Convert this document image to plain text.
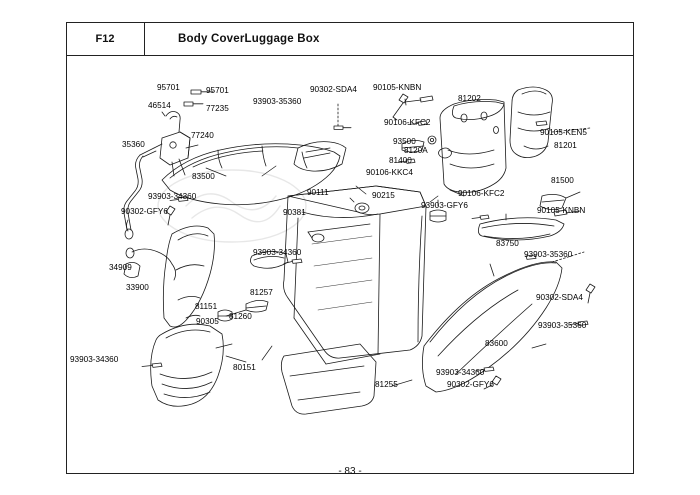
F12	Body CoverLuggage Box
95701	95701
46514	77235
77240
35360
83500
93903-35360
90302-SDA4 90105-KNBN
90106-KFC2
93500
8120A
81400
90106-KKC4
81202
90105-KEN5
81201
81500
90106-KFC2
90105-KNBN
93903-GFY6
83750
93903-35360
90302-SDA4
93903-35360
83600
93903-34360
90302-GFY6
81255
93903-34360
90302-GFY6
90111	90215
90381
93903-34360
34909
33900
81151
81257
81260
90305
80151
93903-34360
- 83 -
